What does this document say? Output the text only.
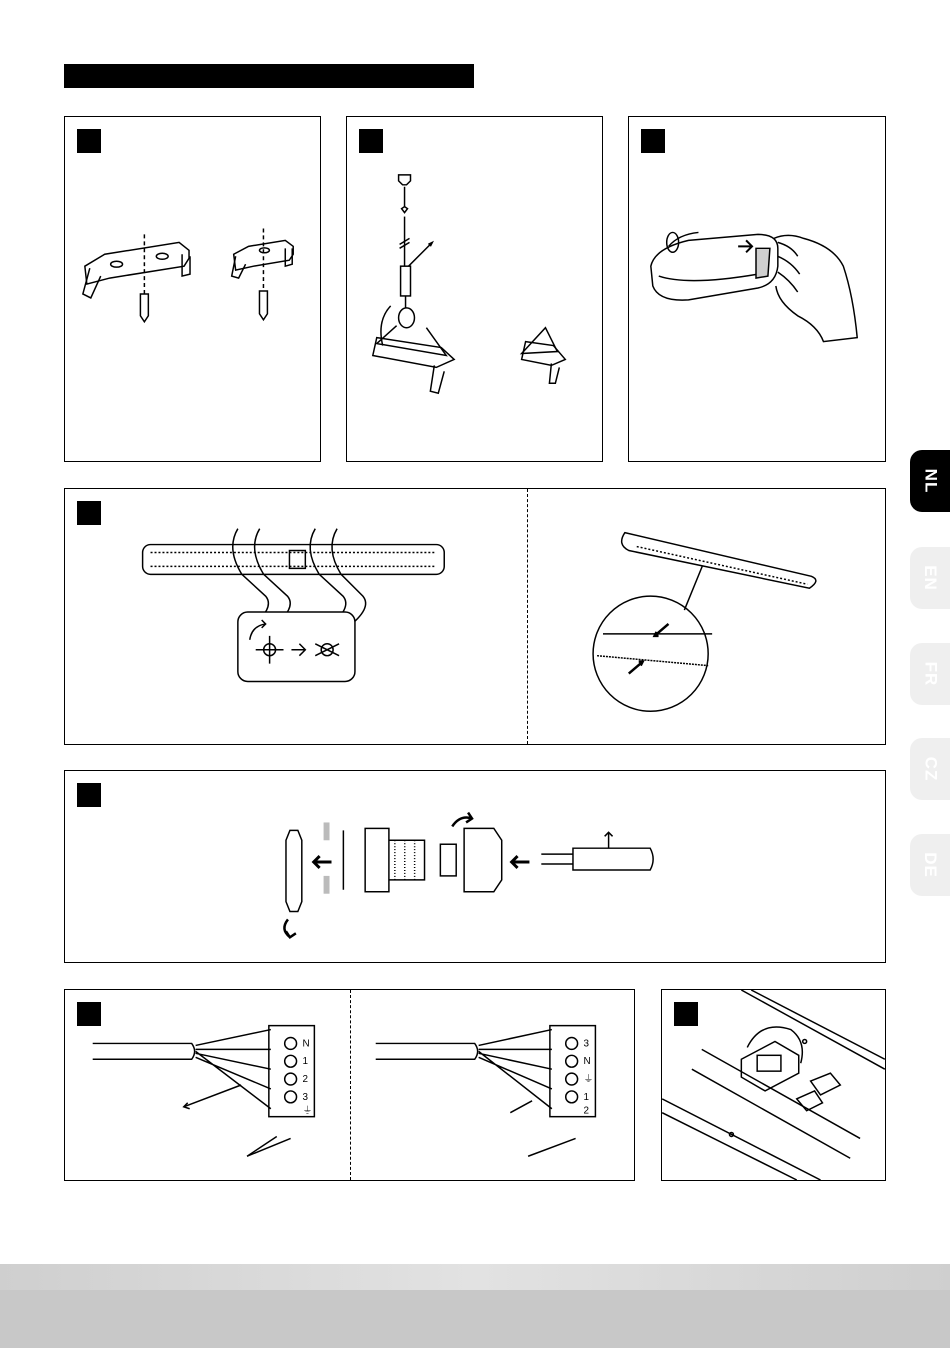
N
1
2
3
⏚
3
N
⏚
1
2
NL
EN
FR
CZ
DE
